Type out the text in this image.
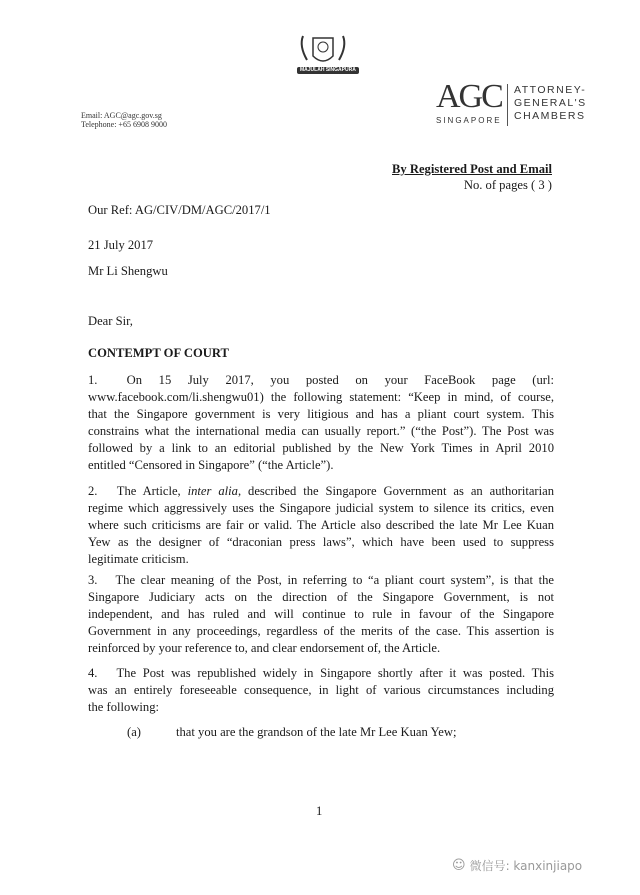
MAJULAH SINGAPURA
Email: AGC@agc.gov.sg
Telephone: +65 6908 9000
AGC
SINGAPORE
ATTORNEY-
GENERAL'S
CHAMBERS
By Registered Post and Email
No. of pages ( 3 )
Our Ref: AG/CIV/DM/AGC/2017/1
21 July 2017
Mr Li Shengwu
Dear Sir,
CONTEMPT OF COURT
1.  On 15 July 2017, you posted on your FaceBook page (url:
www.facebook.com/li.shengwu01) the following statement: “Keep in mind, of course,
that the Singapore government is very litigious and has a pliant court system. This
constrains what the international media can usually report.” (“the Post”). The Post was
followed by a link to an editorial published by the New York Times in April 2010
entitled “Censored in Singapore” (“the Article”).
2.  The Article, inter alia, described the Singapore Government as an authoritarian
regime which aggressively uses the Singapore judicial system to silence its critics, even
where such criticisms are fair or valid. The Article also described the late Mr Lee Kuan
Yew as the designer of “draconian press laws”, which have been used to suppress
legitimate criticism.
3.  The clear meaning of the Post, in referring to “a pliant court system”, is that the
Singapore Judiciary acts on the direction of the Singapore Government, is not
independent, and has ruled and will continue to rule in favour of the Singapore
Government in any proceedings, regardless of the merits of the case. This assertion is
reinforced by your reference to, and clear endorsement of, the Article.
4.  The Post was republished widely in Singapore shortly after it was posted. This
was an entirely foreseeable consequence, in light of various circumstances including
the following:
(a)	that you are the grandson of the late Mr Lee Kuan Yew;
1
☺ 微信号: kanxinjiapo
